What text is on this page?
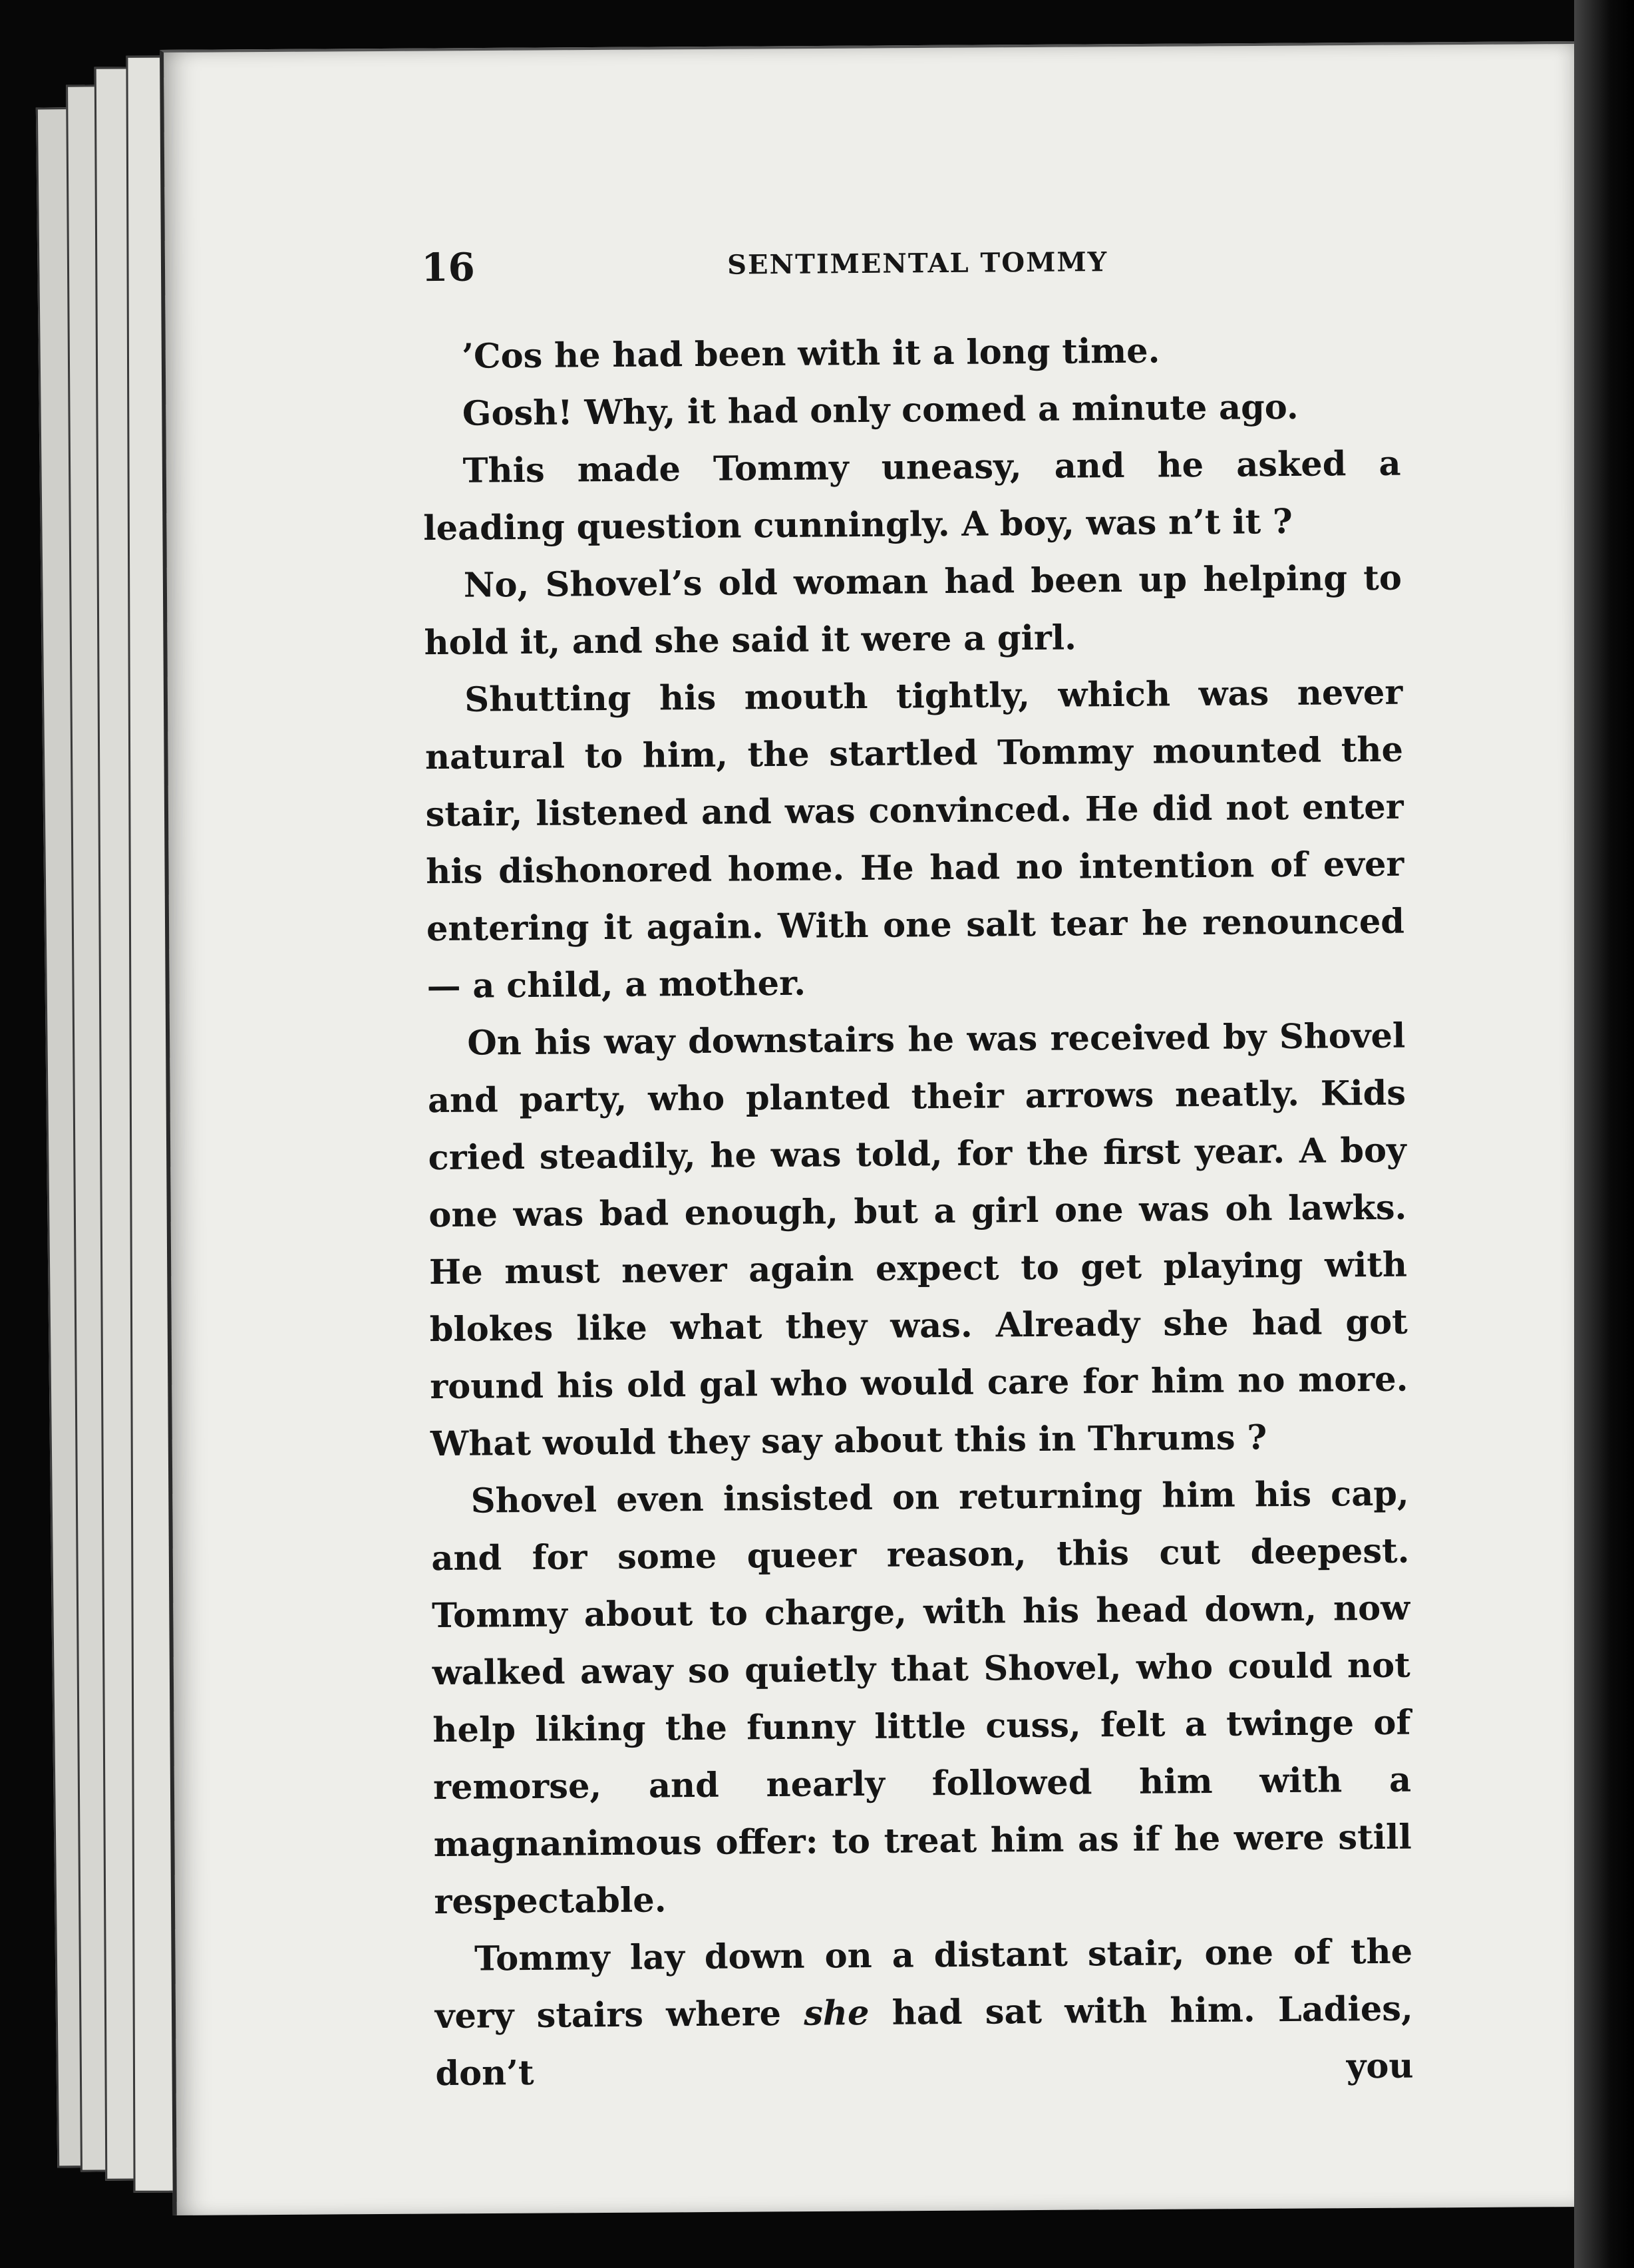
16	SENTIMENTAL TOMMY

’Cos he had been with it a long time.

Gosh! Why, it had only comed a minute ago.

This made Tommy uneasy, and he asked a leading question cunningly. A boy, was n’t it ?

No, Shovel’s old woman had been up helping to hold it, and she said it were a girl.

Shutting his mouth tightly, which was never natural to him, the startled Tommy mounted the stair, listened and was convinced. He did not enter his dishonored home. He had no intention of ever entering it again. With one salt tear he renounced — a child, a mother.

On his way downstairs he was received by Shovel and party, who planted their arrows neatly. Kids cried steadily, he was told, for the first year. A boy one was bad enough, but a girl one was oh lawks. He must never again expect to get playing with blokes like what they was. Already she had got round his old gal who would care for him no more. What would they say about this in Thrums ?

Shovel even insisted on returning him his cap, and for some queer reason, this cut deepest. Tommy about to charge, with his head down, now walked away so quietly that Shovel, who could not help liking the funny little cuss, felt a twinge of remorse, and nearly followed him with a magnanimous offer: to treat him as if he were still respectable.

Tommy lay down on a distant stair, one of the very stairs where she had sat with him. Ladies, don’t you
